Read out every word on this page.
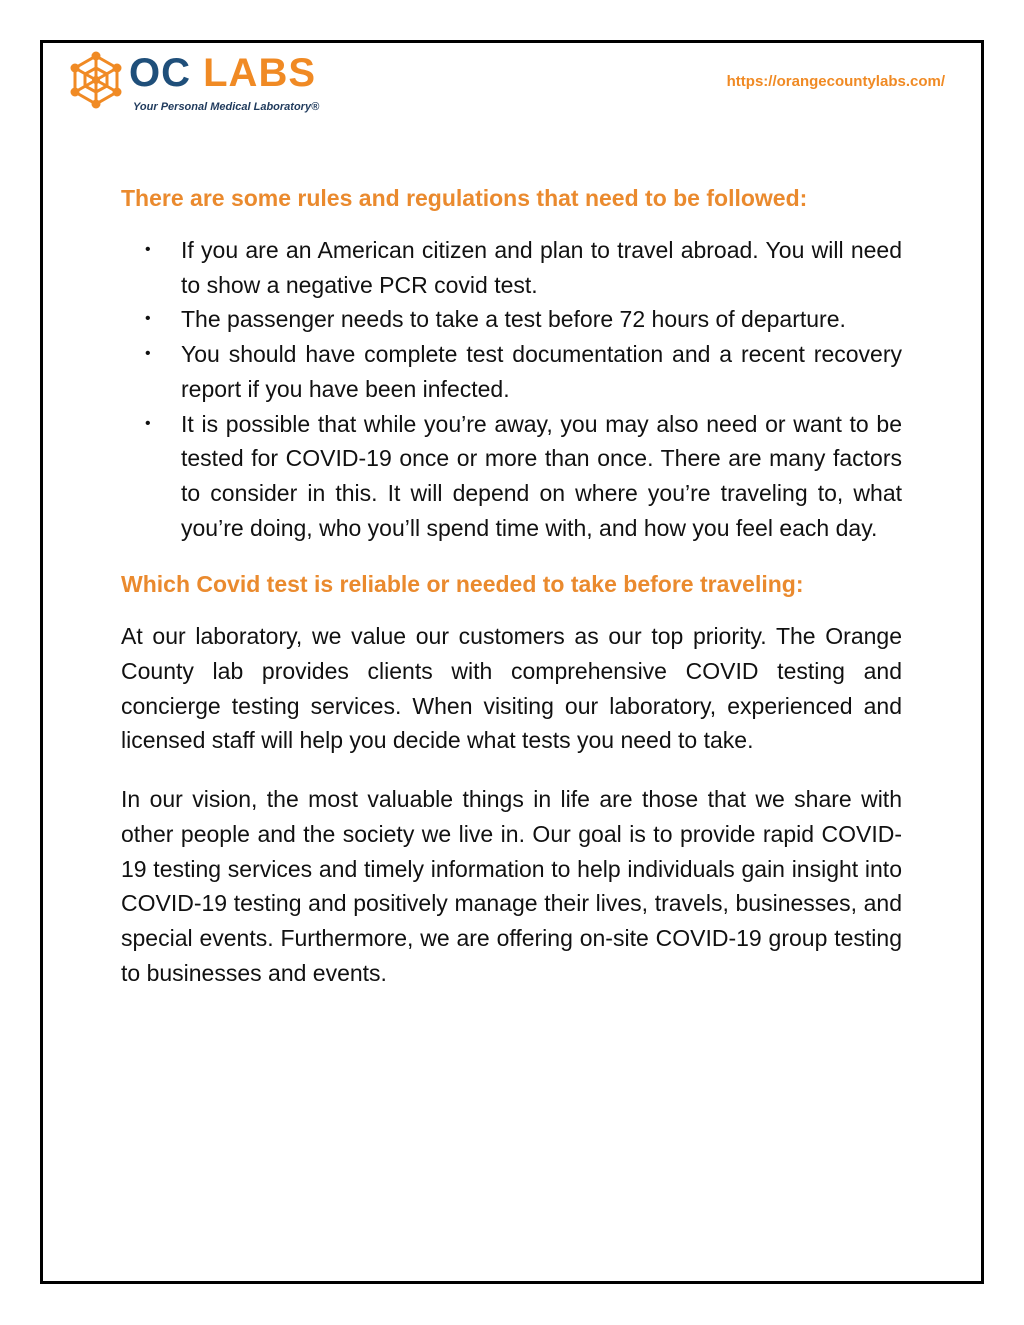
OC LABS
Your Personal Medical Laboratory®
https://orangecountylabs.com/
There are some rules and regulations that need to be followed:
• If you are an American citizen and plan to travel abroad. You will need to show a negative PCR covid test.
• The passenger needs to take a test before 72 hours of departure.
• You should have complete test documentation and a recent recovery report if you have been infected.
• It is possible that while you’re away, you may also need or want to be tested for COVID-19 once or more than once. There are many factors to consider in this. It will depend on where you’re traveling to, what you’re doing, who you’ll spend time with, and how you feel each day.
Which Covid test is reliable or needed to take before traveling:

At our laboratory, we value our customers as our top priority. The Orange County lab provides clients with comprehensive COVID testing and concierge testing services. When visiting our laboratory, experienced and licensed staff will help you decide what tests you need to take.

In our vision, the most valuable things in life are those that we share with other people and the society we live in. Our goal is to provide rapid COVID-19 testing services and timely information to help individuals gain insight into COVID-19 testing and positively manage their lives, travels, businesses, and special events. Furthermore, we are offering on-site COVID-19 group testing to businesses and events.
